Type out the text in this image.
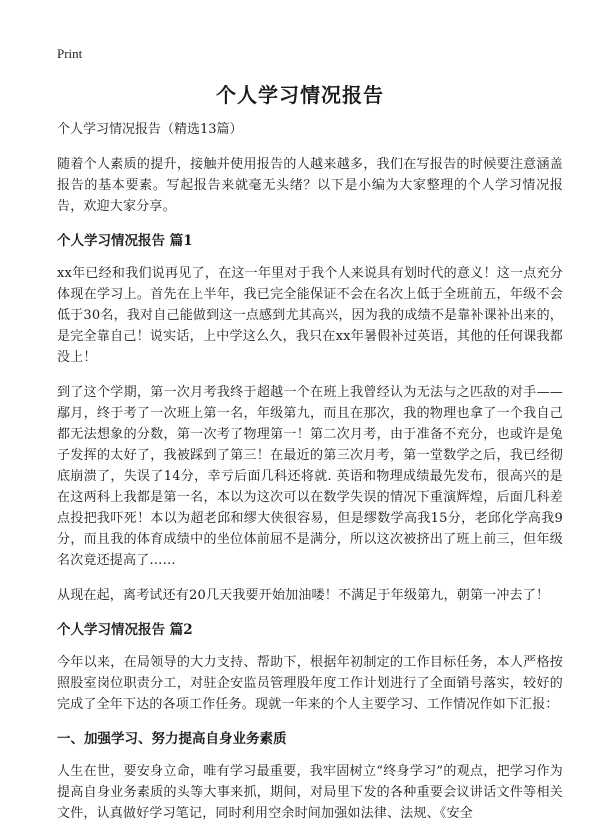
Print
个人学习情况报告
个人学习情况报告（精选13篇）

随着个人素质的提升，接触并使用报告的人越来越多，我们在写报告的时候要注意涵盖报告的基本要素。写起报告来就毫无头绪？以下是小编为大家整理的个人学习情况报告，欢迎大家分享。

个人学习情况报告 篇1

xx年已经和我们说再见了，在这一年里对于我个人来说具有划时代的意义！这一点充分体现在学习上。首先在上半年，我已完全能保证不会在名次上低于全班前五，年级不会低于30名，我对自己能做到这一点感到尤其高兴，因为我的成绩不是靠补课补出来的，是完全靠自己！说实话，上中学这么久，我只在xx年暑假补过英语，其他的任何课我都没上！

到了这个学期，第一次月考我终于超越一个在班上我曾经认为无法与之匹敌的对手——鄢月，终于考了一次班上第一名，年级第九，而且在那次，我的物理也拿了一个我自己都无法想象的分数，第一次考了物理第一！第二次月考，由于准备不充分，也或许是兔子发挥的太好了，我被踩到了第三！在最近的第三次月考，第一堂数学之后，我已经彻底崩溃了，失误了14分，幸亏后面几科还将就. 英语和物理成绩最先发布，很高兴的是在这两科上我都是第一名，本以为这次可以在数学失误的情况下重演辉煌，后面几科差点投把我吓死！本以为超老邱和缪大侠很容易，但是缪数学高我15分，老邱化学高我9分，而且我的体育成绩中的坐位体前屈不是满分，所以这次被挤出了班上前三，但年级名次竟还提高了……

从现在起，离考试还有20几天我要开始加油喽！不满足于年级第九，朝第一冲去了！

个人学习情况报告 篇2

今年以来，在局领导的大力支持、帮助下，根据年初制定的工作目标任务，本人严格按照股室岗位职责分工，对驻企安监员管理股年度工作计划进行了全面销号落实，较好的完成了全年下达的各项工作任务。现就一年来的个人主要学习、工作情况作如下汇报：

一、加强学习、努力提高自身业务素质

人生在世，要安身立命，唯有学习最重要，我牢固树立“终身学习”的观点，把学习作为提高自身业务素质的头等大事来抓，期间，对局里下发的各种重要会议讲话文件等相关文件，认真做好学习笔记，同时利用空余时间加强如法律、法规、《安全
